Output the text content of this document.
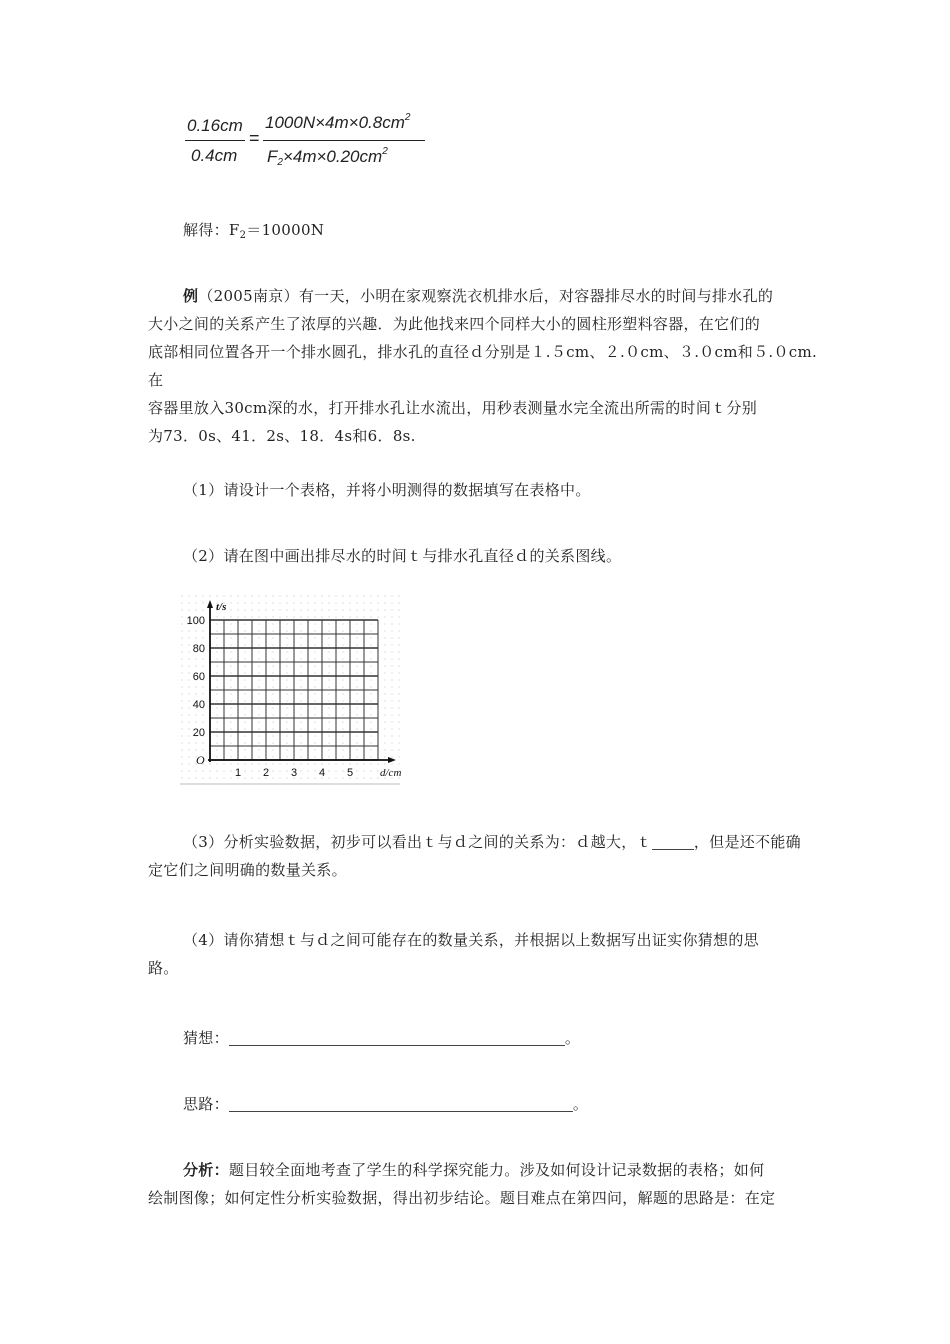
0.16cm
0.4cm
=
$1000N\times 4m\times 0.8cm^2$
$F_2\times 4m\times 0.20cm^2$
解得：$F_2=10000N$
例（2005南京）有一天，小明在家观察洗衣机排水后，对容器排尽水的时间与排水孔的
大小之间的关系产生了浓厚的兴趣．为此他找来四个同样大小的圆柱形塑料容器，在它们的
底部相同位置各开一个排水圆孔，排水孔的直径ｄ分别是１.５cm、２.０cm、３.０cm和５.０cm.在
容器里放入30cm深的水，打开排水孔让水流出，用秒表测量水完全流出所需的时间ｔ分别
为73．0s、41．2s、18．4s和6．8s.
（1）请设计一个表格，并将小明测得的数据填写在表格中。
（2）请在图中画出排尽水的时间ｔ与排水孔直径ｄ的关系图线。
20
40
60
80
100
1 2 3 4 5
O
t/s
d/cm
（3）分析实验数据，初步可以看出ｔ与ｄ之间的关系为：ｄ越大，ｔ	，但是还不能确
定它们之间明确的数量关系。
（4）请你猜想ｔ与ｄ之间可能存在的数量关系，并根据以上数据写出证实你猜想的思
路。
猜想：	。
思路：	。
分析：题目较全面地考查了学生的科学探究能力。涉及如何设计记录数据的表格；如何
绘制图像；如何定性分析实验数据，得出初步结论。题目难点在第四问，解题的思路是：在定
